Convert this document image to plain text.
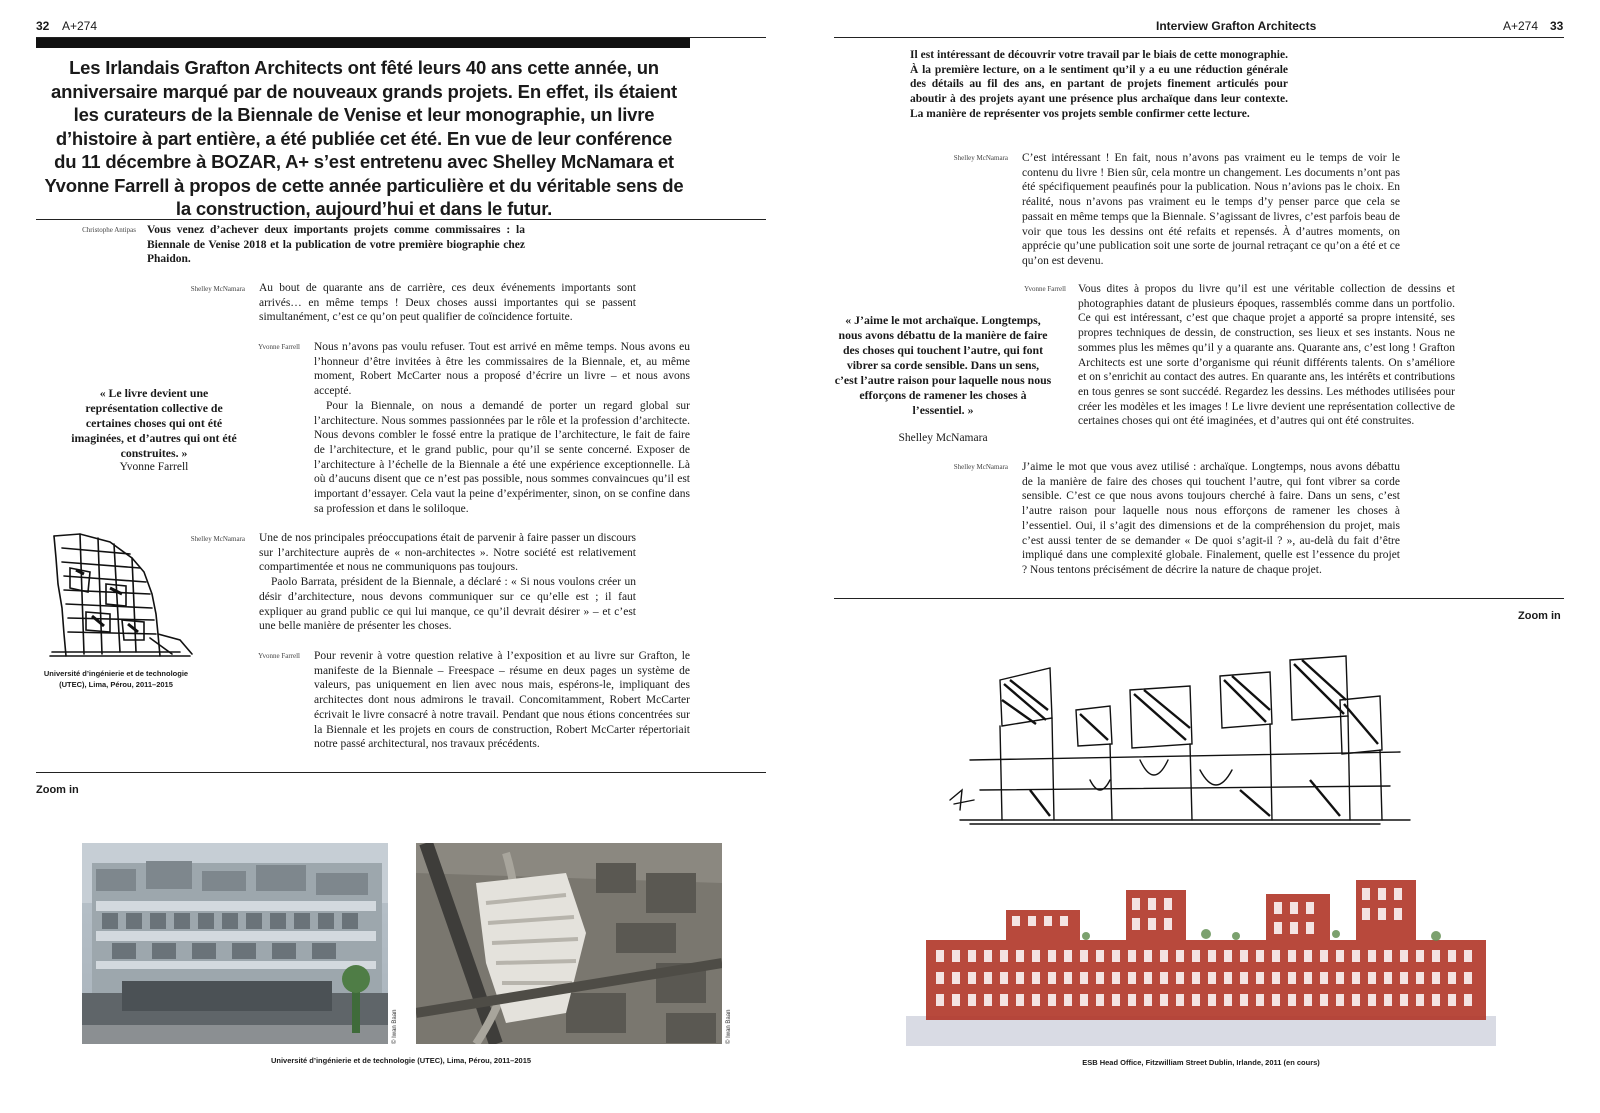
32 A+274
Les Irlandais Grafton Architects ont fêté leurs 40 ans cette année, un anniversaire marqué par de nouveaux grands projets. En effet, ils étaient les curateurs de la Biennale de Venise et leur monographie, un livre d’histoire à part entière, a été publiée cet été. En vue de leur conférence du 11 décembre à BOZAR, A+ s’est entretenu avec Shelley McNamara et Yvonne Farrell à propos de cette année particulière et du véritable sens de la construction, aujourd’hui et dans le futur.
Christophe Antipas Vous venez d’achever deux importants projets comme commissaires : la Biennale de Venise 2018 et la publication de votre première biographie chez Phaidon.

Shelley McNamara Au bout de quarante ans de carrière, ces deux événements importants sont arrivés… en même temps ! Deux choses aussi importantes qui se passent simultanément, c’est ce qu’on peut qualifier de coïncidence fortuite.

Yvonne Farrell Nous n’avons pas voulu refuser. Tout est arrivé en même temps. Nous avons eu l’honneur d’être invitées à être les commissaires de la Biennale, et, au même moment, Robert McCarter nous a proposé d’écrire un livre – et nous avons accepté.

Pour la Biennale, on nous a demandé de porter un regard global sur l’architecture. Nous sommes passionnées par le rôle et la profession d’architecte. Nous devons combler le fossé entre la pratique de l’architecture, le fait de faire de l’architecture, et le grand public, pour qu’il se sente concerné. Exposer de l’architecture à l’échelle de la Biennale a été une expérience exceptionnelle. Là où d’aucuns disent que ce n’est pas possible, nous sommes convaincues qu’il est important d’essayer. Cela vaut la peine d’expérimenter, sinon, on se confine dans sa profession et dans le soliloque.

« Le livre devient une représentation collective de certaines choses qui ont été imaginées, et d’autres qui ont été construites. »
Yvonne Farrell
Shelley McNamara Une de nos principales préoccupations était de parvenir à faire passer un discours sur l’architecture auprès de « non-architectes ». Notre société est relativement compartimentée et nous ne communiquons pas toujours.

Paolo Barrata, président de la Biennale, a déclaré : « Si nous voulons créer un désir d’architecture, nous devons communiquer sur ce qu’elle est ; il faut expliquer au grand public ce qui lui manque, ce qu’il devrait désirer » – et c’est une belle manière de présenter les choses.

Yvonne Farrell Pour revenir à votre question relative à l’exposition et au livre sur Grafton, le manifeste de la Biennale – Freespace – résume en deux pages un système de valeurs, pas uniquement en lien avec nous mais, espérons-le, impliquant des architectes dont nous admirons le travail. Concomitamment, Robert McCarter écrivait le livre consacré à notre travail. Pendant que nous étions concentrées sur la Biennale et les projets en cours de construction, Robert McCarter répertoriait notre passé architectural, nos travaux précédents.

Université d’ingénierie et de technologie (UTEC), Lima, Pérou, 2011–2015
Zoom in
© Iwan Baan	© Iwan Baan
Université d’ingénierie et de technologie (UTEC), Lima, Pérou, 2011–2015
Interview Grafton Architects	A+274 33

Il est intéressant de découvrir votre travail par le biais de cette monographie. À la première lecture, on a le sentiment qu’il y a eu une réduction générale des détails au fil des ans, en partant de projets finement articulés pour aboutir à des projets ayant une présence plus archaïque dans leur contexte. La manière de représenter vos projets semble confirmer cette lecture.

Shelley McNamara C’est intéressant ! En fait, nous n’avons pas vraiment eu le temps de voir le contenu du livre ! Bien sûr, cela montre un changement. Les documents n’ont pas été spécifiquement peaufinés pour la publication. Nous n’avions pas le choix. En réalité, nous n’avons pas vraiment eu le temps d’y penser parce que cela se passait en même temps que la Biennale. S’agissant de livres, c’est parfois beau de voir que tous les dessins ont été refaits et repensés. À d’autres moments, on apprécie qu’une publication soit une sorte de journal retraçant ce qu’on a été et ce qu’on est devenu.

Yvonne Farrell Vous dites à propos du livre qu’il est une véritable collection de dessins et photographies datant de plusieurs époques, rassemblés comme dans un portfolio. Ce qui est intéressant, c’est que chaque projet a apporté sa propre intensité, ses propres techniques de dessin, de construction, ses lieux et ses instants. Nous ne sommes plus les mêmes qu’il y a quarante ans. Quarante ans, c’est long ! Grafton Architects est une sorte d’organisme qui réunit différents talents. On s’améliore et on s’enrichit au contact des autres. En quarante ans, les intérêts et contributions en tous genres se sont succédé. Regardez les dessins. Les méthodes utilisées pour créer les modèles et les images ! Le livre devient une représentation collective de certaines choses qui ont été imaginées, et d’autres qui ont été construites.

« J’aime le mot archaïque. Longtemps, nous avons débattu de la manière de faire des choses qui touchent l’autre, qui font vibrer sa corde sensible. Dans un sens, c’est l’autre raison pour laquelle nous nous efforçons de ramener les choses à l’essentiel. »
Shelley McNamara
Shelley McNamara J’aime le mot que vous avez utilisé : archaïque. Longtemps, nous avons débattu de la manière de faire des choses qui touchent l’autre, qui font vibrer sa corde sensible. C’est ce que nous avons toujours cherché à faire. Dans un sens, c’est l’autre raison pour laquelle nous nous efforçons de ramener les choses à l’essentiel. Oui, il s’agit des dimensions et de la compréhension du projet, mais c’est aussi tenter de se demander « De quoi s’agit-il ? », au-delà du fait d’être impliqué dans une complexité globale. Finalement, quelle est l’essence du projet ? Nous tentons précisément de décrire la nature de chaque projet.

Zoom in
ESB Head Office, Fitzwilliam Street Dublin, Irlande, 2011 (en cours)
